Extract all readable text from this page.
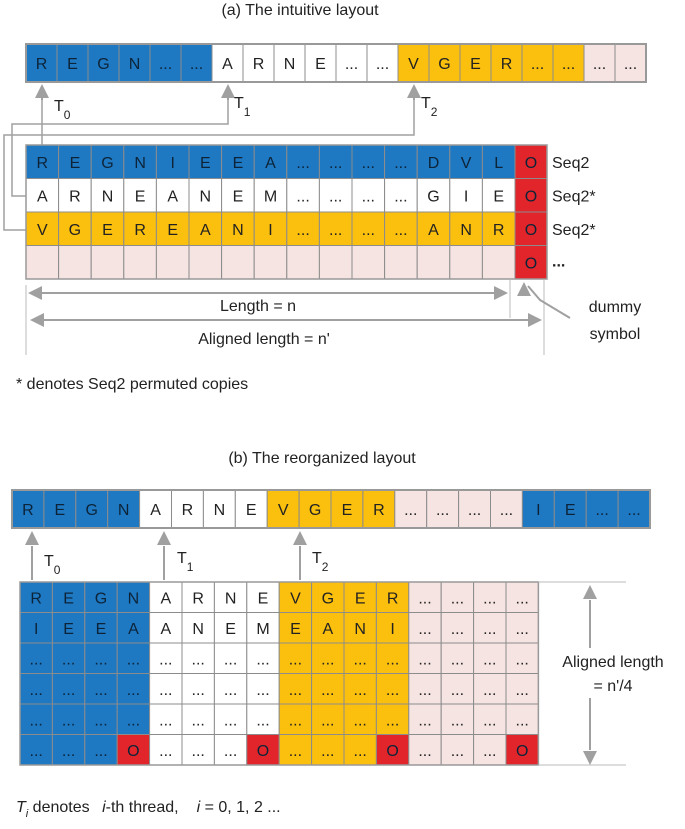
(a) The intuitive layout
* denotes Seq2 permuted copies
(b) The reorganized layout
Length = n
Aligned length = n'
dummy
symbol
$T_i$ denotes i-th thread, i = 0, 1, 2 ...
R E G N ... ... A R N E ... ... V G E R ... ... ... ...
$T_0$
$T_1$	$T_2$
R E G N I E E A ... ... ... ... D V L
A R N E A N E M ... ... ... ... G I E
V G E R E A N I ... ... ... ... A N R
O
O
O
O
Seq2
Seq2*
Seq2*
...
R E G N A R N E V G E R ... ... ... ... I E ... ...
$T_0$
$T_1$	$T_2$
R E G N A R N E V G E R ... ... ... ...
I E E A A N E M E A N I ... ... ... ...
... ... ... ... ... ... ... ... ... ... ... ... ... ... ... ...
... ... ... ... ... ... ... ... ... ... ... ... ... ... ... ...
... ... ... ... ... ... ... ... ... ... ... ... ... ... ... ...
... ... ... O ... ... ... O ... ... ... O ... ... ... O
Aligned length
= n'/4
